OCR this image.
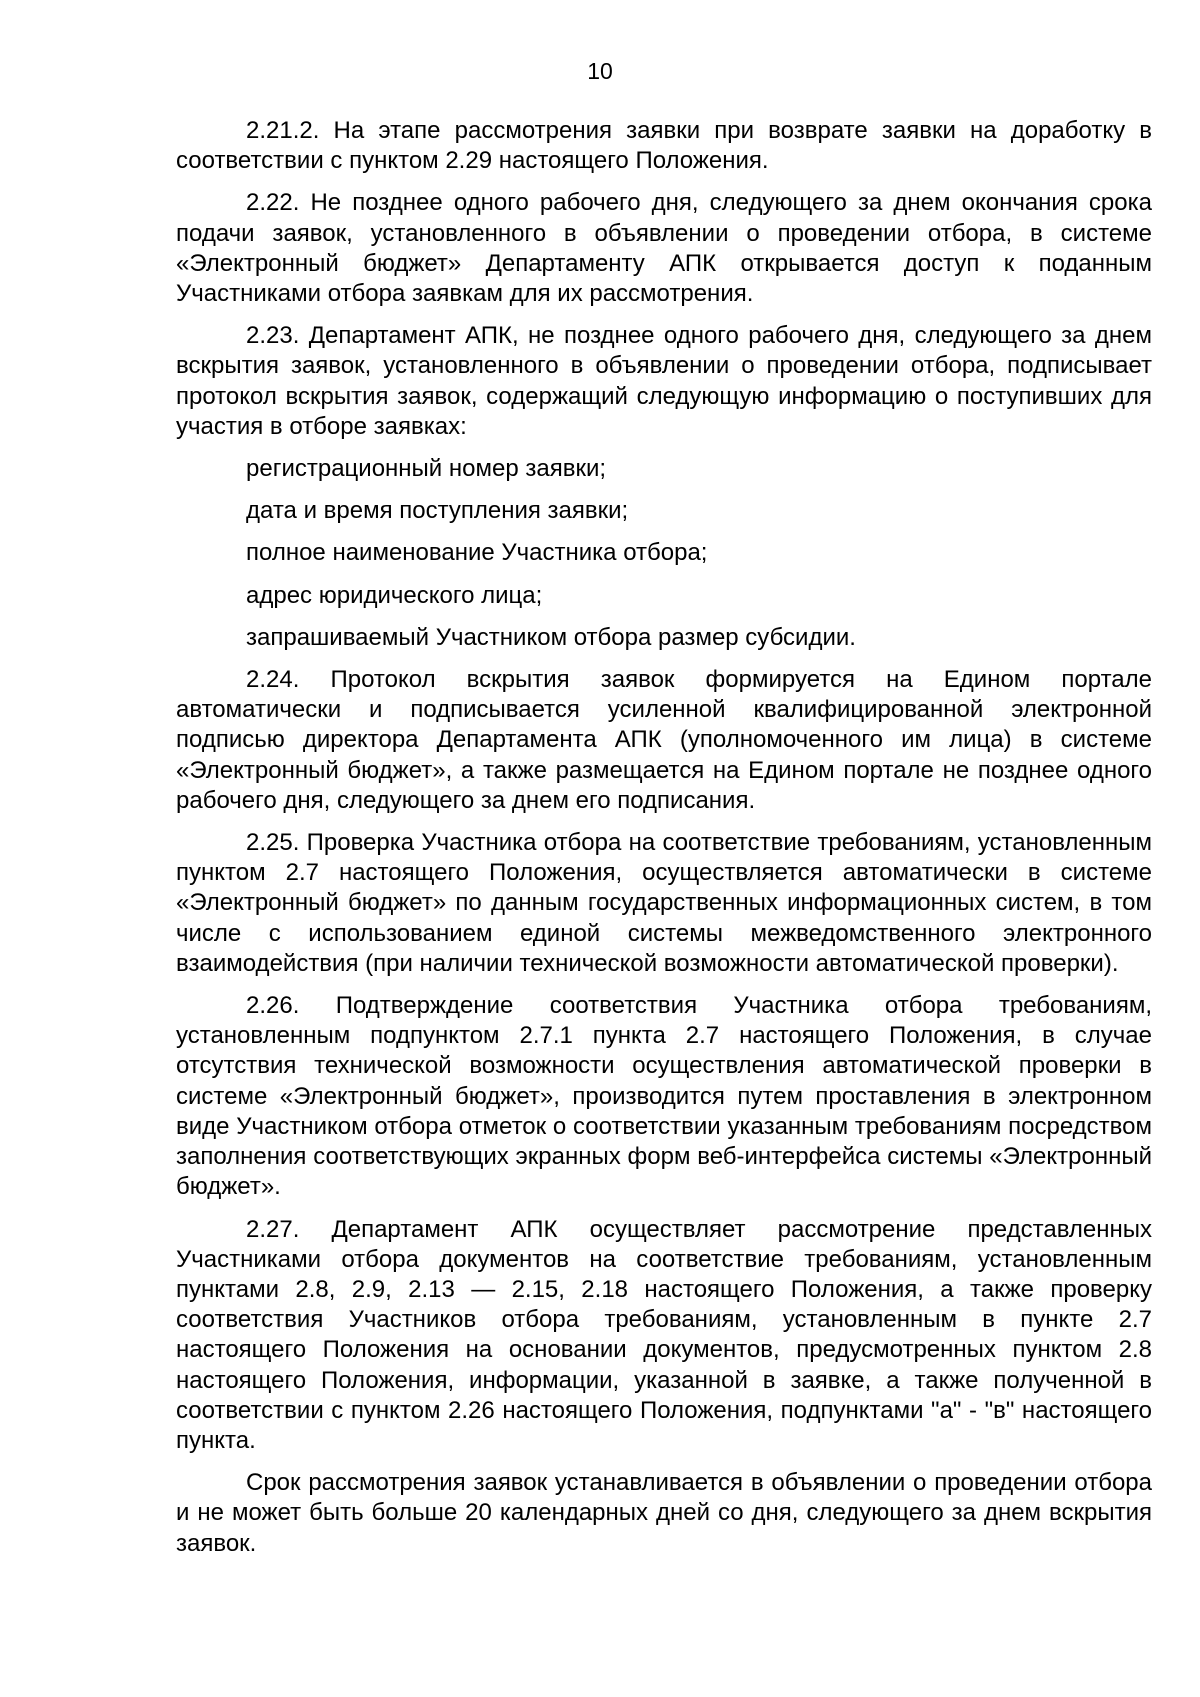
10

2.21.2. На этапе рассмотрения заявки при возврате заявки на доработку в соответствии с пунктом 2.29 настоящего Положения.

2.22. Не позднее одного рабочего дня, следующего за днем окончания срока подачи заявок, установленного в объявлении о проведении отбора, в системе «Электронный бюджет» Департаменту АПК открывается доступ к поданным Участниками отбора заявкам для их рассмотрения.

2.23. Департамент АПК, не позднее одного рабочего дня, следующего за днем вскрытия заявок, установленного в объявлении о проведении отбора, подписывает протокол вскрытия заявок, содержащий следующую информацию о поступивших для участия в отборе заявках:

регистрационный номер заявки;

дата и время поступления заявки;

полное наименование Участника отбора;

адрес юридического лица;

запрашиваемый Участником отбора размер субсидии.

2.24. Протокол вскрытия заявок формируется на Едином портале автоматически и подписывается усиленной квалифицированной электронной подписью директора Департамента АПК (уполномоченного им лица) в системе «Электронный бюджет», а также размещается на Едином портале не позднее одного рабочего дня, следующего за днем его подписания.

2.25. Проверка Участника отбора на соответствие требованиям, установленным пунктом 2.7 настоящего Положения, осуществляется автоматически в системе «Электронный бюджет» по данным государственных информационных систем, в том числе с использованием единой системы межведомственного электронного взаимодействия (при наличии технической возможности автоматической проверки).

2.26. Подтверждение соответствия Участника отбора требованиям, установленным подпунктом 2.7.1 пункта 2.7 настоящего Положения, в случае отсутствия технической возможности осуществления автоматической проверки в системе «Электронный бюджет», производится путем проставления в электронном виде Участником отбора отметок о соответствии указанным требованиям посредством заполнения соответствующих экранных форм веб-интерфейса системы «Электронный бюджет».

2.27. Департамент АПК осуществляет рассмотрение представленных Участниками отбора документов на соответствие требованиям, установленным пунктами 2.8, 2.9, 2.13 — 2.15, 2.18 настоящего Положения, а также проверку соответствия Участников отбора требованиям, установленным в пункте 2.7 настоящего Положения на основании документов, предусмотренных пунктом 2.8 настоящего Положения, информации, указанной в заявке, а также полученной в соответствии с пунктом 2.26 настоящего Положения, подпунктами "а" - "в" настоящего пункта.

Срок рассмотрения заявок устанавливается в объявлении о проведении отбора и не может быть больше 20 календарных дней со дня, следующего за днем вскрытия заявок.
